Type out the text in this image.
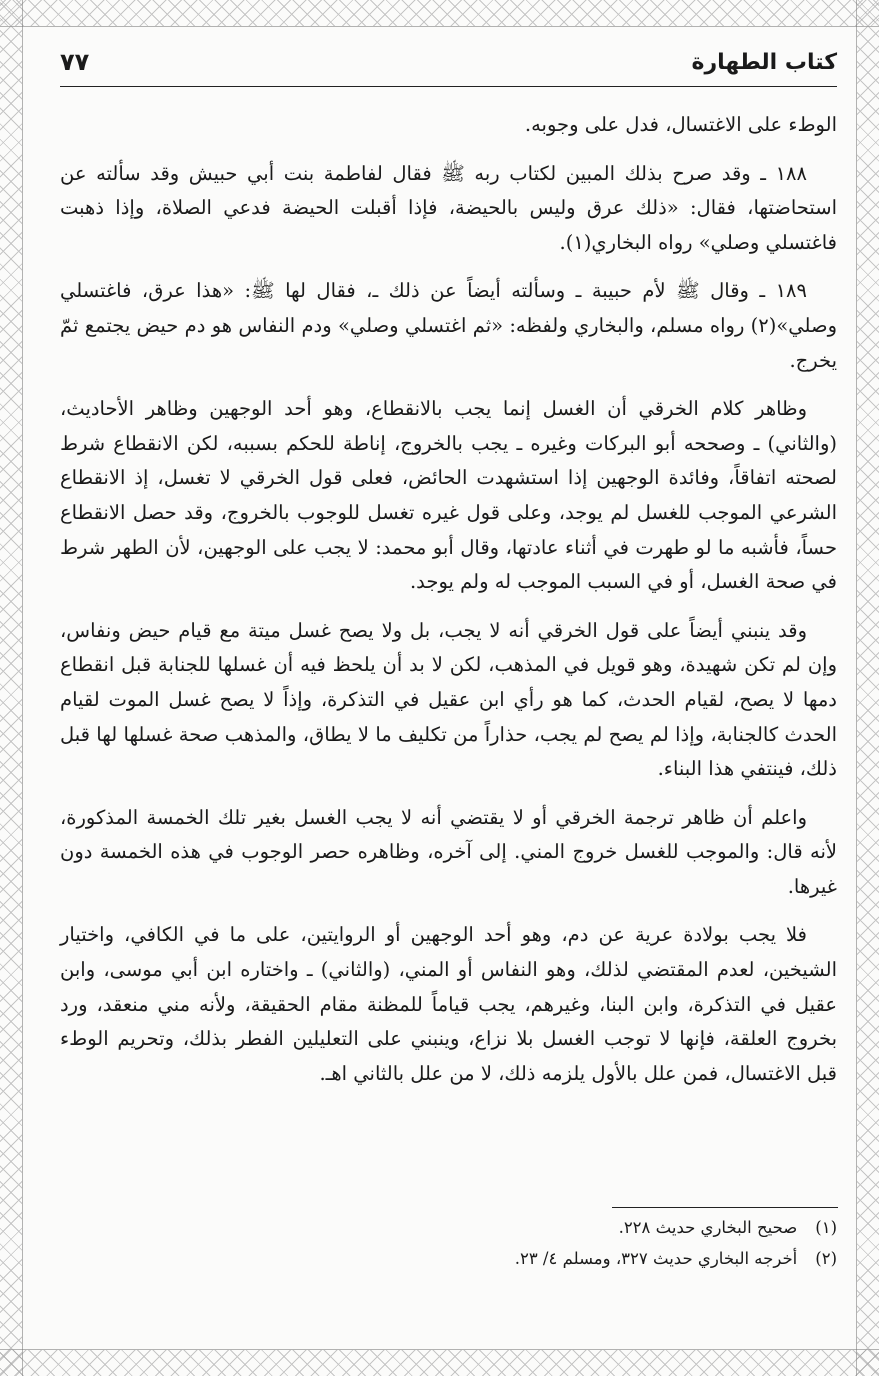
كتاب الطهارة
٧٧

الوطء على الاغتسال، فدل على وجوبه.

١٨٨ ـ وقد صرح بذلك المبين لكتاب ربه ﷺ فقال لفاطمة بنت أبي حبيش وقد سألته عن استحاضتها، فقال: «ذلك عرق وليس بالحيضة، فإذا أقبلت الحيضة فدعي الصلاة، وإذا ذهبت فاغتسلي وصلي» رواه البخاري(١).

١٨٩ ـ وقال ﷺ لأم حبيبة ـ وسألته أيضاً عن ذلك ـ، فقال لها ﷺ: «هذا عرق، فاغتسلي وصلي»(٢) رواه مسلم، والبخاري ولفظه: «ثم اغتسلي وصلي» ودم النفاس هو دم حيض يجتمع ثمّ يخرج.

وظاهر كلام الخرقي أن الغسل إنما يجب بالانقطاع، وهو أحد الوجهين وظاهر الأحاديث، (والثاني) ـ وصححه أبو البركات وغيره ـ يجب بالخروج، إناطة للحكم بسببه، لكن الانقطاع شرط لصحته اتفاقاً، وفائدة الوجهين إذا استشهدت الحائض، فعلى قول الخرقي لا تغسل، إذ الانقطاع الشرعي الموجب للغسل لم يوجد، وعلى قول غيره تغسل للوجوب بالخروج، وقد حصل الانقطاع حساً، فأشبه ما لو طهرت في أثناء عادتها، وقال أبو محمد: لا يجب على الوجهين، لأن الطهر شرط في صحة الغسل، أو في السبب الموجب له ولم يوجد.

وقد ينبني أيضاً على قول الخرقي أنه لا يجب، بل ولا يصح غسل ميتة مع قيام حيض ونفاس، وإن لم تكن شهيدة، وهو قويل في المذهب، لكن لا بد أن يلحظ فيه أن غسلها للجنابة قبل انقطاع دمها لا يصح، لقيام الحدث، كما هو رأي ابن عقيل في التذكرة، وإذاً لا يصح غسل الموت لقيام الحدث كالجنابة، وإذا لم يصح لم يجب، حذاراً من تكليف ما لا يطاق، والمذهب صحة غسلها لها قبل ذلك، فينتفي هذا البناء.

واعلم أن ظاهر ترجمة الخرقي أو لا يقتضي أنه لا يجب الغسل بغير تلك الخمسة المذكورة، لأنه قال: والموجب للغسل خروج المني. إلى آخره، وظاهره حصر الوجوب في هذه الخمسة دون غيرها.

فلا يجب بولادة عرية عن دم، وهو أحد الوجهين أو الروايتين، على ما في الكافي، واختيار الشيخين، لعدم المقتضي لذلك، وهو النفاس أو المني، (والثاني) ـ واختاره ابن أبي موسى، وابن عقيل في التذكرة، وابن البنا، وغيرهم، يجب قياماً للمظنة مقام الحقيقة، ولأنه مني منعقد، ورد بخروج العلقة، فإنها لا توجب الغسل بلا نزاع، وينبني على التعليلين الفطر بذلك، وتحريم الوطء قبل الاغتسال، فمن علل بالأول يلزمه ذلك، لا من علل بالثاني اهـ.

(١)صحيح البخاري حديث ٢٢٨.
(٢)أخرجه البخاري حديث ٣٢٧، ومسلم ٤/ ٢٣.
